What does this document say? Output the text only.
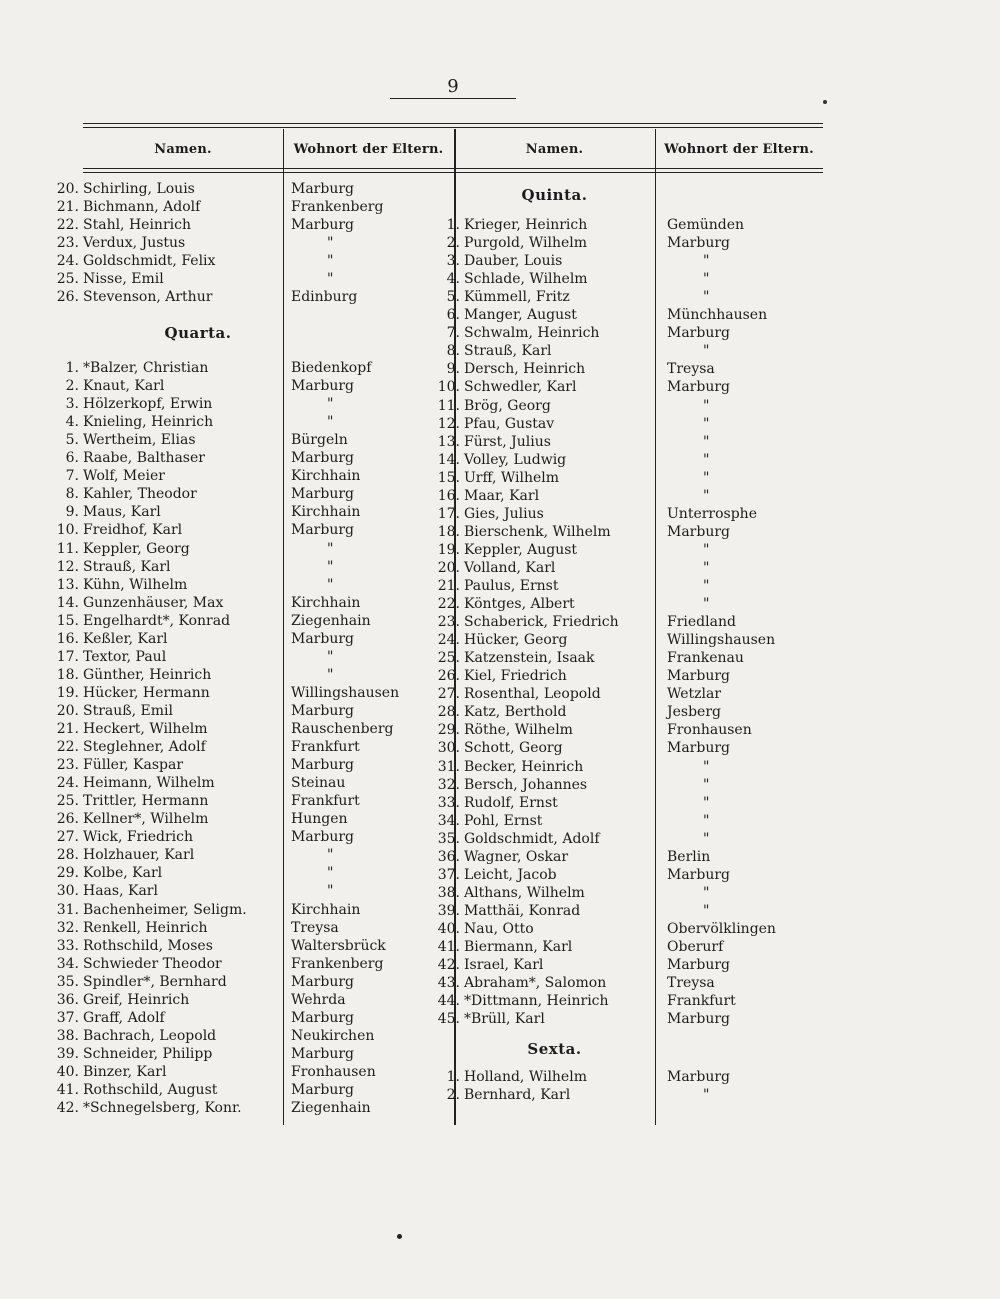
9
Namen.	Wohnort der Eltern.	Namen.	Wohnort der Eltern.
20. Schirling, Louis	Marburg
21. Bichmann, Adolf	Frankenberg
22. Stahl, Heinrich	Marburg
23. Verdux, Justus	"
24. Goldschmidt, Felix	"
25. Nisse, Emil	"
26. Stevenson, Arthur	Edinburg
Quarta.
1. *Balzer, Christian	Biedenkopf
2. Knaut, Karl	Marburg
3. Hölzerkopf, Erwin	"
4. Knieling, Heinrich	"
5. Wertheim, Elias	Bürgeln
6. Raabe, Balthaser	Marburg
7. Wolf, Meier	Kirchhain
8. Kahler, Theodor	Marburg
9. Maus, Karl	Kirchhain
10. Freidhof, Karl	Marburg
11. Keppler, Georg	"
12. Strauß, Karl	"
13. Kühn, Wilhelm	"
14. Gunzenhäuser, Max	Kirchhain
15. Engelhardt*, Konrad	Ziegenhain
16. Keßler, Karl	Marburg
17. Textor, Paul	"
18. Günther, Heinrich	"
19. Hücker, Hermann	Willingshausen
20. Strauß, Emil	Marburg
21. Heckert, Wilhelm	Rauschenberg
22. Steglehner, Adolf	Frankfurt
23. Füller, Kaspar	Marburg
24. Heimann, Wilhelm	Steinau
25. Trittler, Hermann	Frankfurt
26. Kellner*, Wilhelm	Hungen
27. Wick, Friedrich	Marburg
28. Holzhauer, Karl	"
29. Kolbe, Karl	"
30. Haas, Karl	"
31. Bachenheimer, Seligm.	Kirchhain
32. Renkell, Heinrich	Treysa
33. Rothschild, Moses	Waltersbrück
34. Schwieder Theodor	Frankenberg
35. Spindler*, Bernhard	Marburg
36. Greif, Heinrich	Wehrda
37. Graff, Adolf	Marburg
38. Bachrach, Leopold	Neukirchen
39. Schneider, Philipp	Marburg
40. Binzer, Karl	Fronhausen
41. Rothschild, August	Marburg
42. *Schnegelsberg, Konr.	Ziegenhain
Quinta.
1. Krieger, Heinrich	Gemünden
2. Purgold, Wilhelm	Marburg
3. Dauber, Louis	"
4. Schlade, Wilhelm	"
5. Kümmell, Fritz	"
6. Manger, August	Münchhausen
7. Schwalm, Heinrich	Marburg
8. Strauß, Karl	"
9. Dersch, Heinrich	Treysa
10. Schwedler, Karl	Marburg
11. Brög, Georg	"
12. Pfau, Gustav	"
13. Fürst, Julius	"
14. Volley, Ludwig	"
15. Urff, Wilhelm	"
16. Maar, Karl	"
17. Gies, Julius	Unterrosphe
18. Bierschenk, Wilhelm	Marburg
19. Keppler, August	"
20. Volland, Karl	"
21. Paulus, Ernst	"
22. Köntges, Albert	"
23. Schaberick, Friedrich	Friedland
24. Hücker, Georg	Willingshausen
25. Katzenstein, Isaak	Frankenau
26. Kiel, Friedrich	Marburg
27. Rosenthal, Leopold	Wetzlar
28. Katz, Berthold	Jesberg
29. Röthe, Wilhelm	Fronhausen
30. Schott, Georg	Marburg
31. Becker, Heinrich	"
32. Bersch, Johannes	"
33. Rudolf, Ernst	"
34. Pohl, Ernst	"
35. Goldschmidt, Adolf	"
36. Wagner, Oskar	Berlin
37. Leicht, Jacob	Marburg
38. Althans, Wilhelm	"
39. Matthäi, Konrad	"
40. Nau, Otto	Obervölklingen
41. Biermann, Karl	Oberurf
42. Israel, Karl	Marburg
43. Abraham*, Salomon	Treysa
44. *Dittmann, Heinrich	Frankfurt
45. *Brüll, Karl	Marburg
Sexta.
1. Holland, Wilhelm	Marburg
2. Bernhard, Karl	"
